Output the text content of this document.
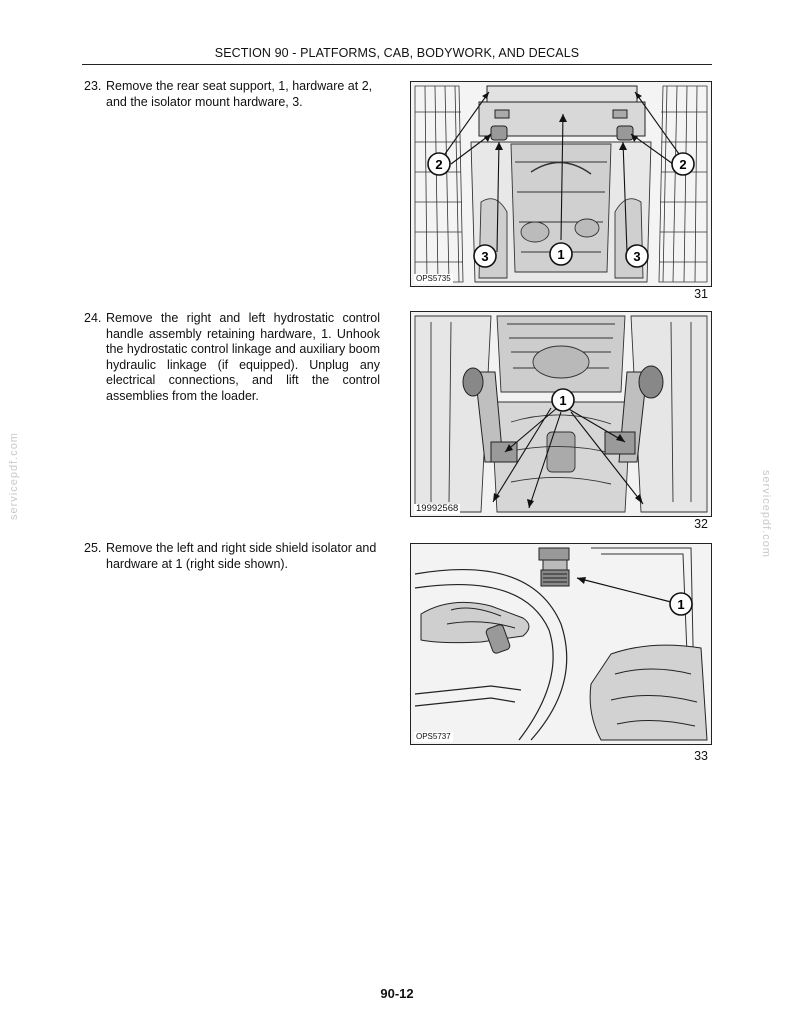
SECTION 90 - PLATFORMS, CAB, BODYWORK, AND DECALS
servicepdf.com	servicepdf.com
23. Remove the rear seat support, 1, hardware at 2, and the isolator mount hardware, 3.
2	2
3	1	3
OPS5735
31
24. Remove the right and left hydrostatic control handle assembly retaining hardware, 1. Unhook the hydrostatic control linkage and auxiliary boom hydraulic linkage (if equipped). Unplug any electrical connections, and lift the control assemblies from the loader.	1
19992568
32
25. Remove the left and right side shield isolator and hardware at 1 (right side shown).
1
OPS5737
33
90-12
